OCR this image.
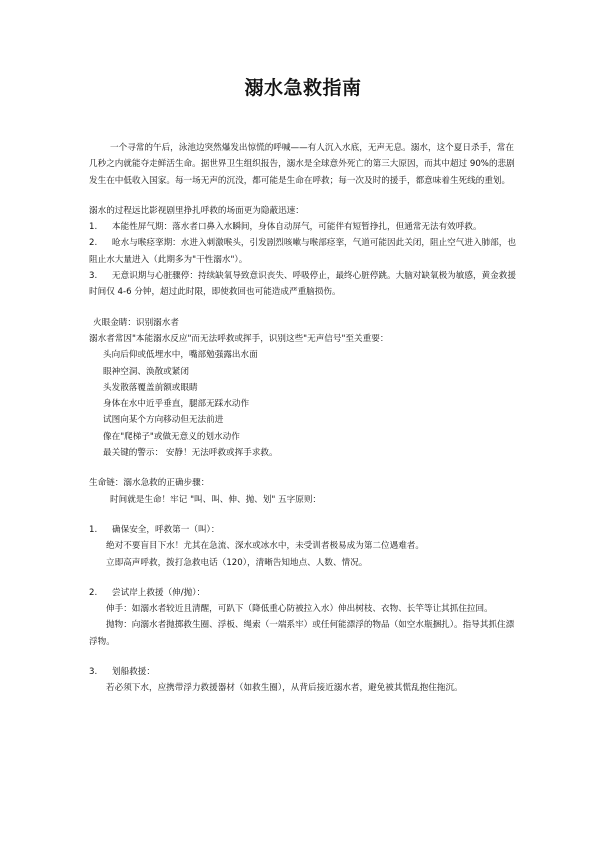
溺水急救指南

一个寻常的午后，泳池边突然爆发出惊慌的呼喊——有人沉入水底，无声无息。溺水，这个夏日杀手，常在几秒之内就能夺走鲜活生命。据世界卫生组织报告，溺水是全球意外死亡的第三大原因，而其中超过 90%的悲剧发生在中低收入国家。每一场无声的沉没，都可能是生命在呼救；每一次及时的援手，都意味着生死线的重划。

溺水的过程远比影视剧里挣扎呼救的场面更为隐蔽迅速：

1. 本能性屏气期：落水者口鼻入水瞬间，身体自动屏气，可能伴有短暂挣扎，但通常无法有效呼救。

2. 呛水与喉痉挛期：水进入刺激喉头，引发剧烈咳嗽与喉部痉挛，气道可能因此关闭，阻止空气进入肺部，也阻止水大量进入（此期多为"干性溺水"）。

3. 无意识期与心脏骤停：持续缺氧导致意识丧失、呼吸停止，最终心脏停跳。大脑对缺氧极为敏感，黄金救援时间仅 4-6 分钟，超过此时限，即使救回也可能造成严重脑损伤。

火眼金睛：识别溺水者

溺水者常因"本能溺水反应"而无法呼救或挥手，识别这些"无声信号"至关重要：

头向后仰或低埋水中，嘴部勉强露出水面

眼神空洞、涣散或紧闭

头发散落覆盖前额或眼睛

身体在水中近乎垂直，腿部无踩水动作

试图向某个方向移动但无法前进

像在"爬梯子"或做无意义的划水动作

最关键的警示： 安静！无法呼救或挥手求救。

生命链：溺水急救的正确步骤：

时间就是生命！牢记 "叫、叫、伸、抛、划" 五字原则：

1. 确保安全，呼救第一（叫）：

绝对不要盲目下水！尤其在急流、深水或冰水中，未受训者极易成为第二位遇难者。

立即高声呼救，拨打急救电话（120），清晰告知地点、人数、情况。

2. 尝试岸上救援（伸/抛）：

伸手：如溺水者较近且清醒，可趴下（降低重心防被拉入水）伸出树枝、衣物、长竿等让其抓住拉回。

抛物：向溺水者抛掷救生圈、浮板、绳索（一端系牢）或任何能漂浮的物品（如空水瓶捆扎）。指导其抓住漂浮物。

3. 划船救援：

若必须下水，应携带浮力救援器材（如救生圈），从背后接近溺水者，避免被其慌乱抱住拖沉。
